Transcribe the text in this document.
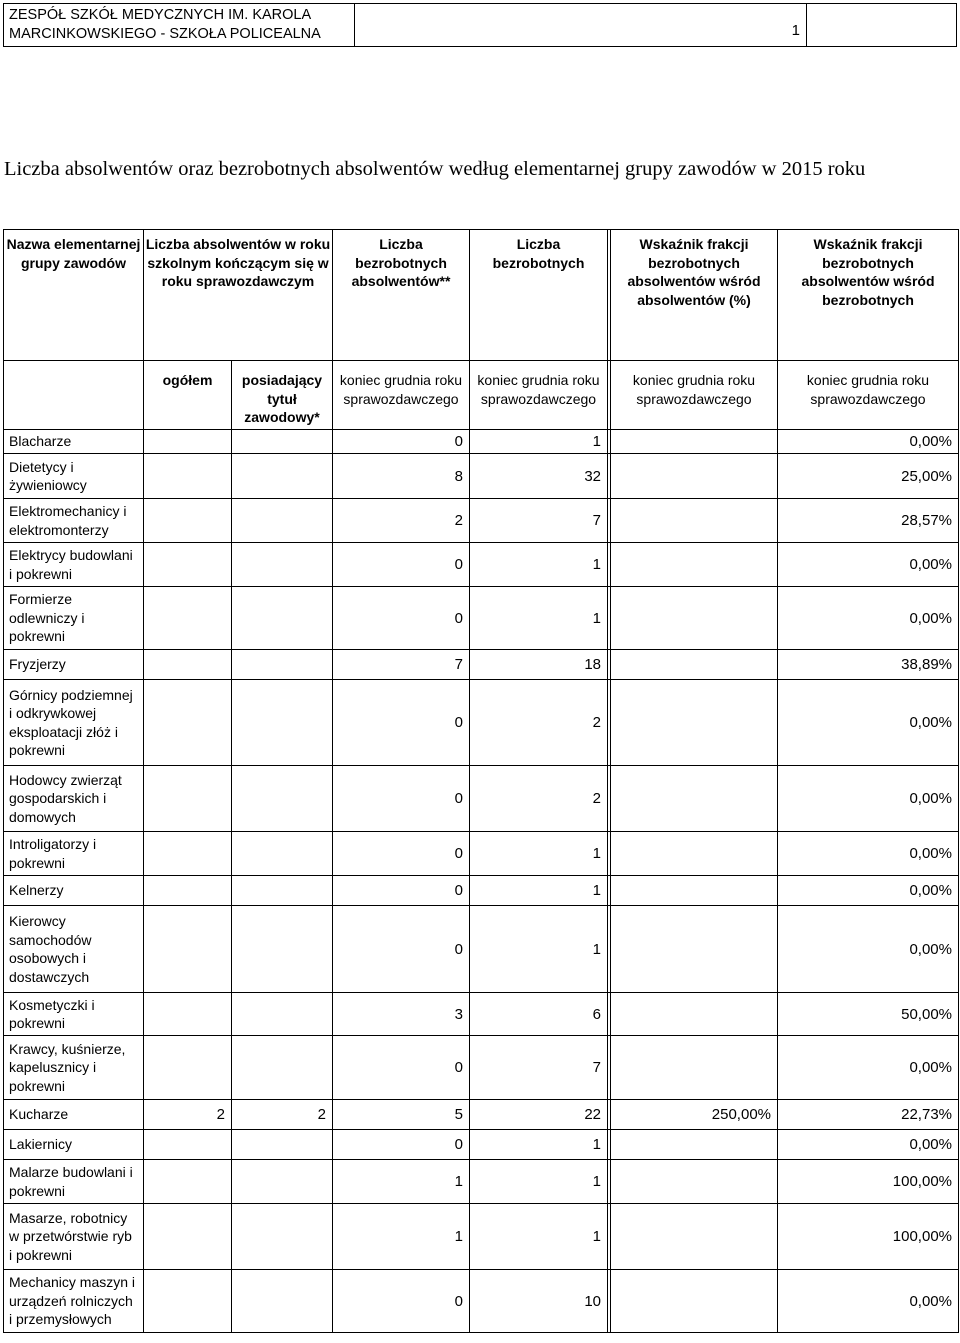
ZESPÓŁ SZKÓŁ MEDYCZNYCH IM. KAROLA MARCINKOWSKIEGO - SZKOŁA POLICEALNA	1
Liczba absolwentów oraz bezrobotnych absolwentów według elementarnej grupy zawodów w 2015 roku
Nazwa elementarnej grupy zawodów	Liczba absolwentów w roku szkolnym kończącym się w roku sprawozdawczym		Liczba bezrobotnych absolwentów**	Liczba bezrobotnych		Wskaźnik frakcji bezrobotnych absolwentów wśród absolwentów (%)	Wskaźnik frakcji bezrobotnych absolwentów wśród bezrobotnych
	ogółem	posiadający tytuł zawodowy*	koniec grudnia roku sprawozdawczego	koniec grudnia roku sprawozdawczego		koniec grudnia roku sprawozdawczego	koniec grudnia roku sprawozdawczego
Blacharze			0	1			0,00%
Dietetycy i żywieniowcy			8	32			25,00%
Elektromechanicy i elektromonterzy			2	7			28,57%
Elektrycy budowlani i pokrewni			0	1			0,00%
Formierze odlewniczy i pokrewni			0	1			0,00%
Fryzjerzy			7	18			38,89%
Górnicy podziemnej i odkrywkowej eksploatacji złóż i pokrewni			0	2			0,00%
Hodowcy zwierząt gospodarskich i domowych			0	2			0,00%
Introligatorzy i pokrewni			0	1			0,00%
Kelnerzy			0	1			0,00%
Kierowcy samochodów osobowych i dostawczych			0	1			0,00%
Kosmetyczki i pokrewni			3	6			50,00%
Krawcy, kuśnierze, kapelusznicy i pokrewni			0	7			0,00%
Kucharze	2	2	5	22		250,00%	22,73%
Lakiernicy			0	1			0,00%
Malarze budowlani i pokrewni			1	1			100,00%
Masarze, robotnicy w przetwórstwie ryb i pokrewni			1	1			100,00%
Mechanicy maszyn i urządzeń rolniczych i przemysłowych			0	10			0,00%
